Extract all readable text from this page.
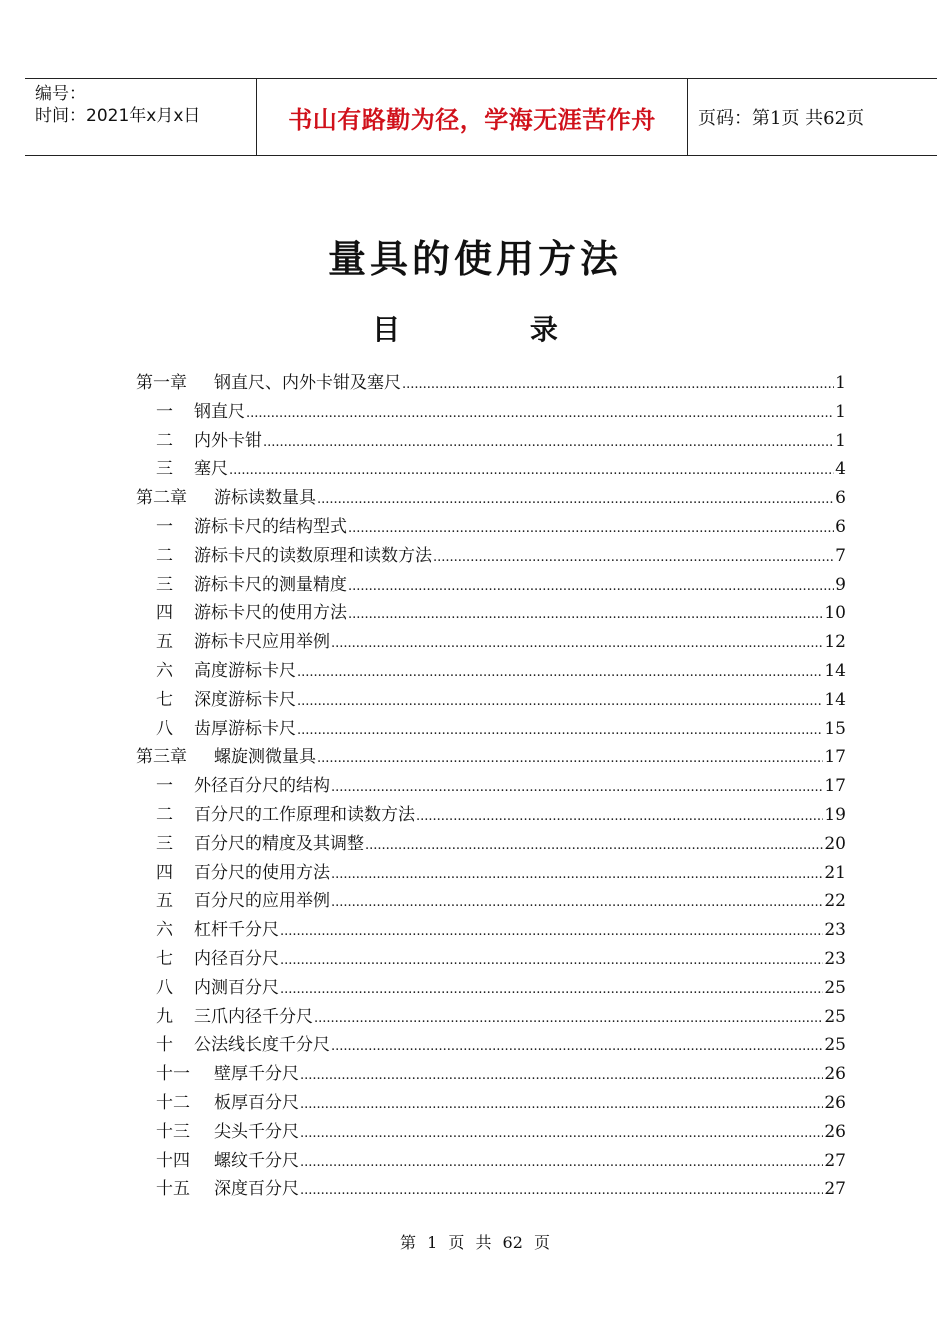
编号：
时间：2021年x月x日	书山有路勤为径，学海无涯苦作舟	页码：第1页 共62页
量具的使用方法
目 录
第一章	钢直尺、内外卡钳及塞尺 .....	1
一	钢直尺 .....	1
二	内外卡钳 .....	1
三	塞尺 .....	4
第二章	游标读数量具 .....	6
一	游标卡尺的结构型式 .....	6
二	游标卡尺的读数原理和读数方法 .....	7
三	游标卡尺的测量精度 .....	9
四	游标卡尺的使用方法 .....	10
五	游标卡尺应用举例 .....	12
六	高度游标卡尺 .....	14
七	深度游标卡尺 .....	14
八	齿厚游标卡尺 .....	15
第三章	螺旋测微量具 .....	17
一	外径百分尺的结构 .....	17
二	百分尺的工作原理和读数方法 .....	19
三	百分尺的精度及其调整 .....	20
四	百分尺的使用方法 .....	21
五	百分尺的应用举例 .....	22
六	杠杆千分尺 .....	23
七	内径百分尺 .....	23
八	内测百分尺 .....	25
九	三爪内径千分尺 .....	25
十	公法线长度千分尺 .....	25
十一	壁厚千分尺 .....	26
十二	板厚百分尺 .....	26
十三	尖头千分尺 .....	26
十四	螺纹千分尺 .....	27
十五	深度百分尺 .....	27
第 1 页 共 62 页
